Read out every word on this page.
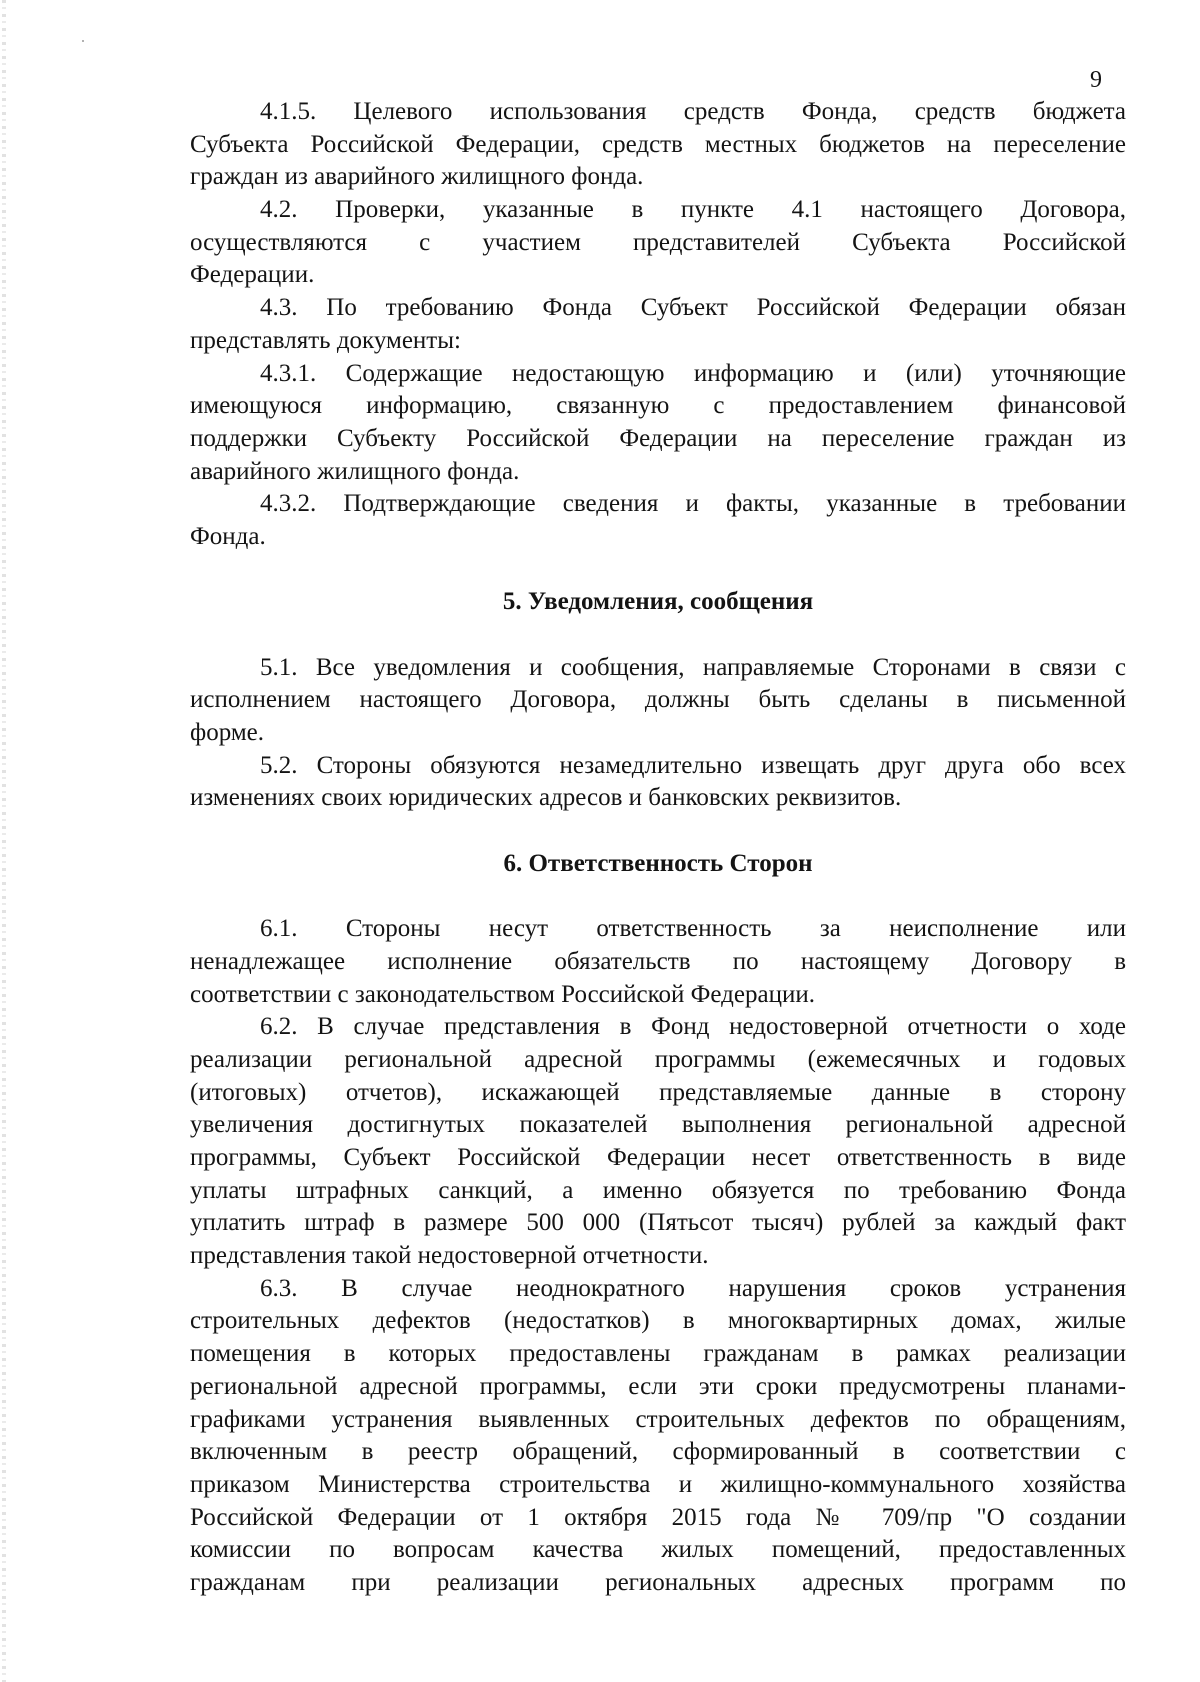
9
4.1.5. Целевого использования средств Фонда, средств бюджета
Субъекта Российской Федерации, средств местных бюджетов на переселение
граждан из аварийного жилищного фонда.
4.2. Проверки, указанные в пункте 4.1 настоящего Договора,
осуществляются с участием представителей Субъекта Российской
Федерации.
4.3. По требованию Фонда Субъект Российской Федерации обязан
представлять документы:
4.3.1. Содержащие недостающую информацию и (или) уточняющие
имеющуюся информацию, связанную с предоставлением финансовой
поддержки Субъекту Российской Федерации на переселение граждан из
аварийного жилищного фонда.
4.3.2. Подтверждающие сведения и факты, указанные в требовании
Фонда.
5. Уведомления, сообщения
5.1. Все уведомления и сообщения, направляемые Сторонами в связи с
исполнением настоящего Договора, должны быть сделаны в письменной
форме.
5.2. Стороны обязуются незамедлительно извещать друг друга обо всех
изменениях своих юридических адресов и банковских реквизитов.
6. Ответственность Сторон
6.1. Стороны несут ответственность за неисполнение или
ненадлежащее исполнение обязательств по настоящему Договору в
соответствии с законодательством Российской Федерации.
6.2. В случае представления в Фонд недостоверной отчетности о ходе
реализации региональной адресной программы (ежемесячных и годовых
(итоговых) отчетов), искажающей представляемые данные в сторону
увеличения достигнутых показателей выполнения региональной адресной
программы, Субъект Российской Федерации несет ответственность в виде
уплаты штрафных санкций, а именно обязуется по требованию Фонда
уплатить штраф в размере 500 000 (Пятьсот тысяч) рублей за каждый факт
представления такой недостоверной отчетности.
6.3. В случае неоднократного нарушения сроков устранения
строительных дефектов (недостатков) в многоквартирных домах, жилые
помещения в которых предоставлены гражданам в рамках реализации
региональной адресной программы, если эти сроки предусмотрены планами-
графиками устранения выявленных строительных дефектов по обращениям,
включенным в реестр обращений, сформированный в соответствии с
приказом Министерства строительства и жилищно-коммунального хозяйства
Российской Федерации от 1 октября 2015 года № 709/пр "О создании
комиссии по вопросам качества жилых помещений, предоставленных
гражданам при реализации региональных адресных программ по
